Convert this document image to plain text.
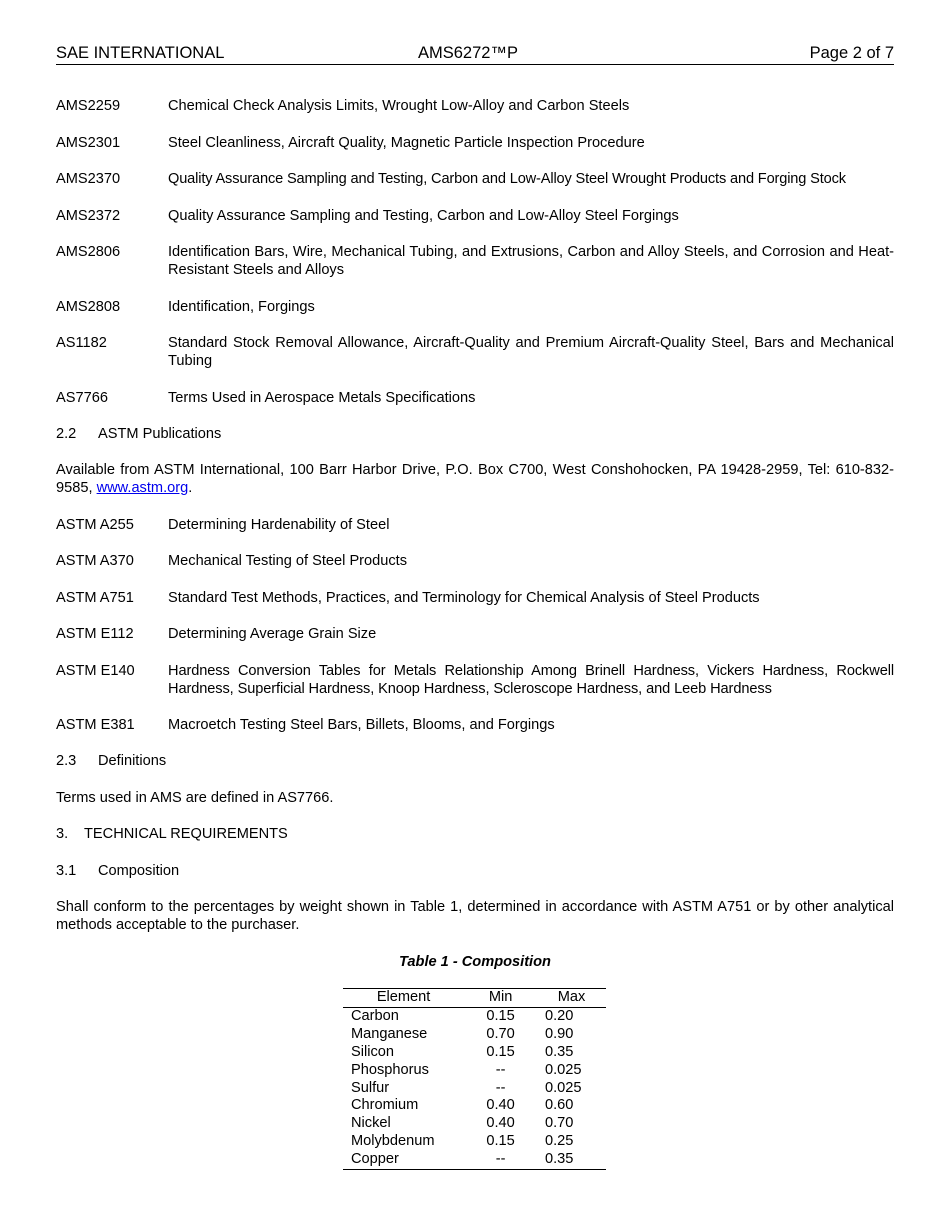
SAE INTERNATIONAL	AMS6272™P	Page 2 of 7
AMS2259	Chemical Check Analysis Limits, Wrought Low-Alloy and Carbon Steels
AMS2301	Steel Cleanliness, Aircraft Quality, Magnetic Particle Inspection Procedure
AMS2370	Quality Assurance Sampling and Testing, Carbon and Low-Alloy Steel Wrought Products and Forging Stock
AMS2372	Quality Assurance Sampling and Testing, Carbon and Low-Alloy Steel Forgings
AMS2806	Identification Bars, Wire, Mechanical Tubing, and Extrusions, Carbon and Alloy Steels, and Corrosion and Heat-Resistant Steels and Alloys
AMS2808	Identification, Forgings
AS1182	Standard Stock Removal Allowance, Aircraft-Quality and Premium Aircraft-Quality Steel, Bars and Mechanical Tubing
AS7766	Terms Used in Aerospace Metals Specifications
2.2 ASTM Publications
Available from ASTM International, 100 Barr Harbor Drive, P.O. Box C700, West Conshohocken, PA 19428-2959, Tel: 610-832-9585, www.astm.org.
ASTM A255 Determining Hardenability of Steel
ASTM A370 Mechanical Testing of Steel Products
ASTM A751 Standard Test Methods, Practices, and Terminology for Chemical Analysis of Steel Products
ASTM E112 Determining Average Grain Size
ASTM E140 Hardness Conversion Tables for Metals Relationship Among Brinell Hardness, Vickers Hardness, Rockwell Hardness, Superficial Hardness, Knoop Hardness, Scleroscope Hardness, and Leeb Hardness
ASTM E381 Macroetch Testing Steel Bars, Billets, Blooms, and Forgings
2.3 Definitions
Terms used in AMS are defined in AS7766.
3. TECHNICAL REQUIREMENTS
3.1 Composition
Shall conform to the percentages by weight shown in Table 1, determined in accordance with ASTM A751 or by other analytical methods acceptable to the purchaser.
Table 1 - Composition
Element	Min	Max
Carbon	0.15	0.20
Manganese	0.70	0.90
Silicon	0.15	0.35
Phosphorus	--	0.025
Sulfur	--	0.025
Chromium	0.40	0.60
Nickel	0.40	0.70
Molybdenum	0.15	0.25
Copper	--	0.35
